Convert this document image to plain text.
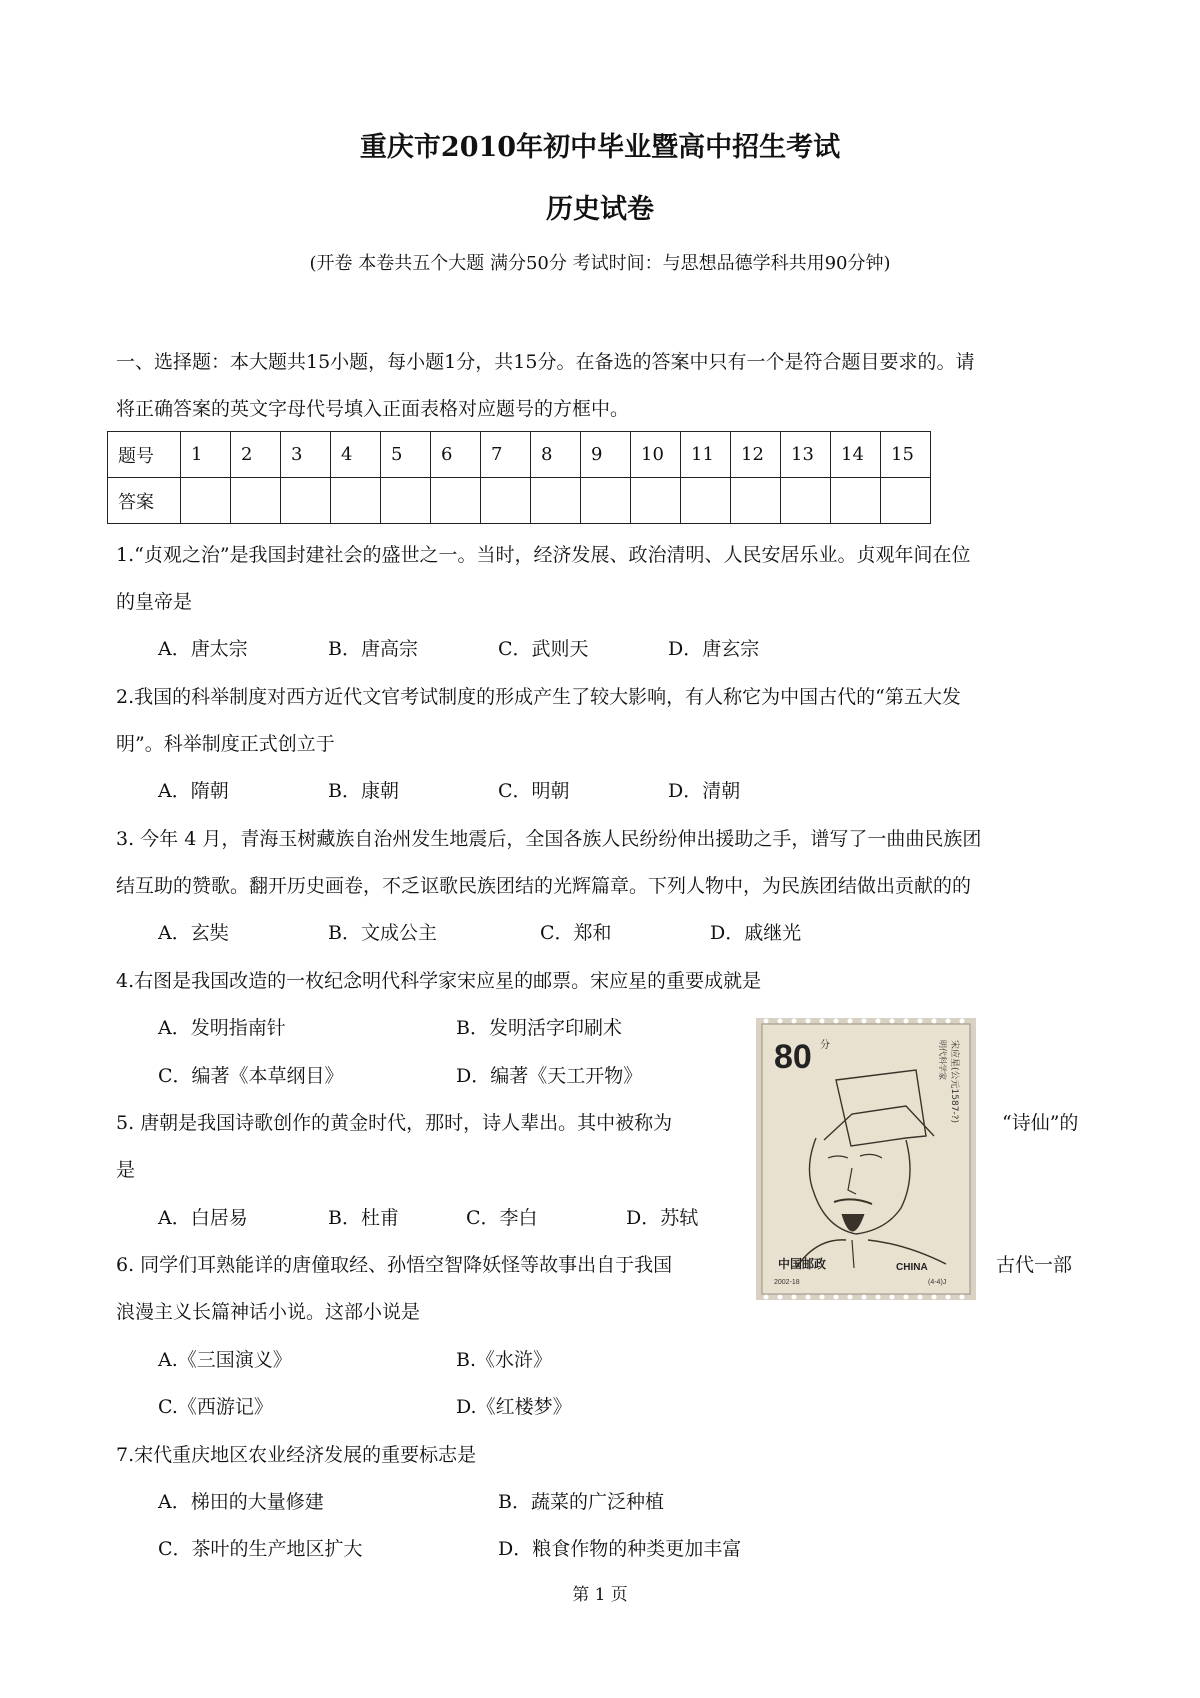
重庆市2010年初中毕业暨高中招生考试
历史试卷
(开卷 本卷共五个大题 满分50分 考试时间：与思想品德学科共用90分钟)
一、选择题：本大题共15小题，每小题1分，共15分。在备选的答案中只有一个是符合题目要求的。请
将正确答案的英文字母代号填入正面表格对应题号的方框中。
题号	1	2	3	4	5	6	7	8	9	10	11	12	13	14	15
答案															
1.“贞观之治”是我国封建社会的盛世之一。当时，经济发展、政治清明、人民安居乐业。贞观年间在位
的皇帝是
A．唐太宗	B．唐高宗	C．武则天	D．唐玄宗
2.我国的科举制度对西方近代文官考试制度的形成产生了较大影响，有人称它为中国古代的“第五大发
明”。科举制度正式创立于
A．隋朝	B．康朝	C．明朝	D．清朝
3. 今年 4 月，青海玉树藏族自治州发生地震后，全国各族人民纷纷伸出援助之手，谱写了一曲曲民族团
结互助的赞歌。翻开历史画卷，不乏讴歌民族团结的光辉篇章。下列人物中，为民族团结做出贡献的的
A．玄奘	B．文成公主	C．郑和	D．戚继光
4.右图是我国改造的一枚纪念明代科学家宋应星的邮票。宋应星的重要成就是
A．发明指南针	B．发明活字印刷术
C．编著《本草纲目》	D．编著《天工开物》
5. 唐朝是我国诗歌创作的黄金时代，那时，诗人辈出。其中被称为	“诗仙”的
是
A．白居易	B．杜甫	C．李白	D．苏轼
6. 同学们耳熟能详的唐僮取经、孙悟空智降妖怪等故事出自于我国	古代一部
浪漫主义长篇神话小说。这部小说是
A.《三国演义》	B.《水浒》
C.《西游记》	D.《红楼梦》
7.宋代重庆地区农业经济发展的重要标志是
A．梯田的大量修建	B．蔬菜的广泛种植
C．茶叶的生产地区扩大	D．粮食作物的种类更加丰富
80 分	宋应星(公元1587-?)
明代科学家
中国邮政	CHINA
2002-18	(4-4)J
第 1 页
